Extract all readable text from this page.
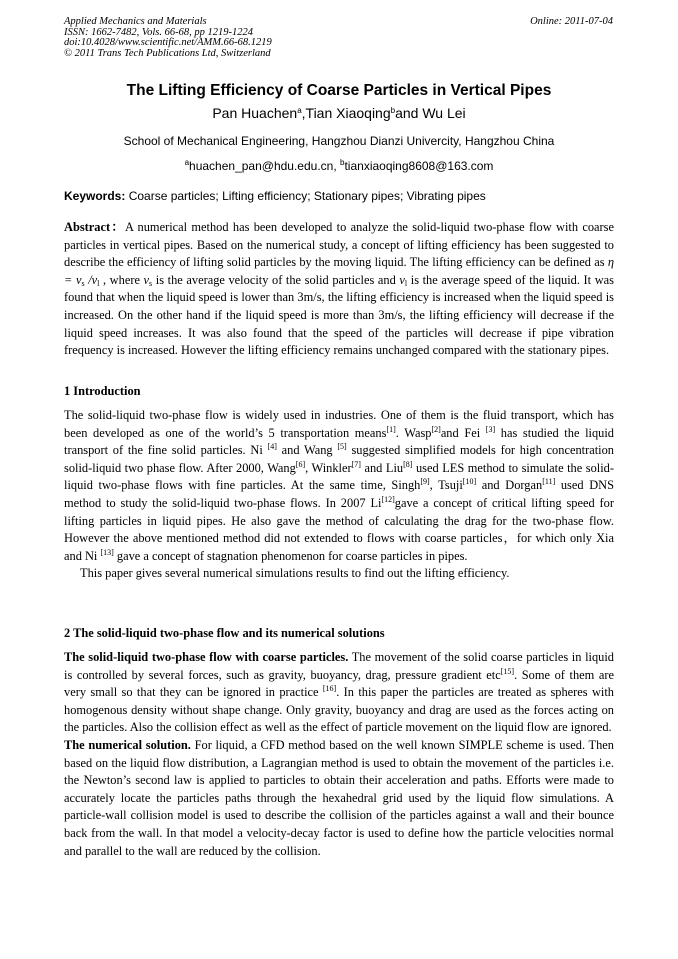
Applied Mechanics and Materials
ISSN: 1662-7482, Vols. 66-68, pp 1219-1224
doi:10.4028/www.scientific.net/AMM.66-68.1219
© 2011 Trans Tech Publications Ltd, Switzerland
Online: 2011-07-04
The Lifting Efficiency of Coarse Particles in Vertical Pipes
Pan Huachen$^a$,Tian Xiaoqing$^b$and Wu Lei
School of Mechanical Engineering, Hangzhou Dianzi Univercity, Hangzhou China
$^a$huachen_pan@hdu.edu.cn, $^b$tianxiaoqing8608@163.com
Keywords: Coarse particles; Lifting efficiency; Stationary pipes; Vibrating pipes

Abstract：A numerical method has been developed to analyze the solid-liquid two-phase flow with coarse particles in vertical pipes. Based on the numerical study, a concept of lifting efficiency has been suggested to describe the efficiency of lifting solid particles by the moving liquid. The lifting efficiency can be defined as $\eta = v_s$ $/v_l$ , where $v_s$ is the average velocity of the solid particles and $v_l$ is the average speed of the liquid. It was found that when the liquid speed is lower than 3m/s, the lifting efficiency is increased when the liquid speed is increased. On the other hand if the liquid speed is more than 3m/s, the lifting efficiency will decrease if the liquid speed increases. It was also found that the speed of the particles will decrease if pipe vibration frequency is increased. However the lifting efficiency remains unchanged compared with the stationary pipes.

1 Introduction

The solid-liquid two-phase flow is widely used in industries. One of them is the fluid transport, which has been developed as one of the world’s 5 transportation means[1]. Wasp[2]and Fei [3] has studied the liquid transport of the fine solid particles. Ni [4] and Wang [5] suggested simplified models for high concentration solid-liquid two phase flow. After 2000, Wang[6], Winkler[7] and Liu[8] used LES method to simulate the solid-liquid two-phase flows with fine particles. At the same time, Singh[9], Tsuji[10] and Dorgan[11] used DNS method to study the solid-liquid two-phase flows. In 2007 Li[12]gave a concept of critical lifting speed for lifting particles in liquid pipes. He also gave the method of calculating the drag for the two-phase flow. However the above mentioned method did not extended to flows with coarse particles，for which only Xia and Ni [13] gave a concept of stagnation phenomenon for coarse particles in pipes.

This paper gives several numerical simulations results to find out the lifting efficiency.

2 The solid-liquid two-phase flow and its numerical solutions

The solid-liquid two-phase flow with coarse particles. The movement of the solid coarse particles in liquid is controlled by several forces, such as gravity, buoyancy, drag, pressure gradient etc[15]. Some of them are very small so that they can be ignored in practice [16]. In this paper the particles are treated as spheres with homogenous density without shape change. Only gravity, buoyancy and drag are used as the forces acting on the particles. Also the collision effect as well as the effect of particle movement on the liquid flow are ignored.

The numerical solution. For liquid, a CFD method based on the well known SIMPLE scheme is used. Then based on the liquid flow distribution, a Lagrangian method is used to obtain the movement of the particles i.e. the Newton’s second law is applied to particles to obtain their acceleration and paths. Efforts were made to accurately locate the particles paths through the hexahedral grid used by the liquid flow simulations. A particle-wall collision model is used to describe the collision of the particles against a wall and their bounce back from the wall. In that model a velocity-decay factor is used to define how the particle velocities normal and parallel to the wall are reduced by the collision.
